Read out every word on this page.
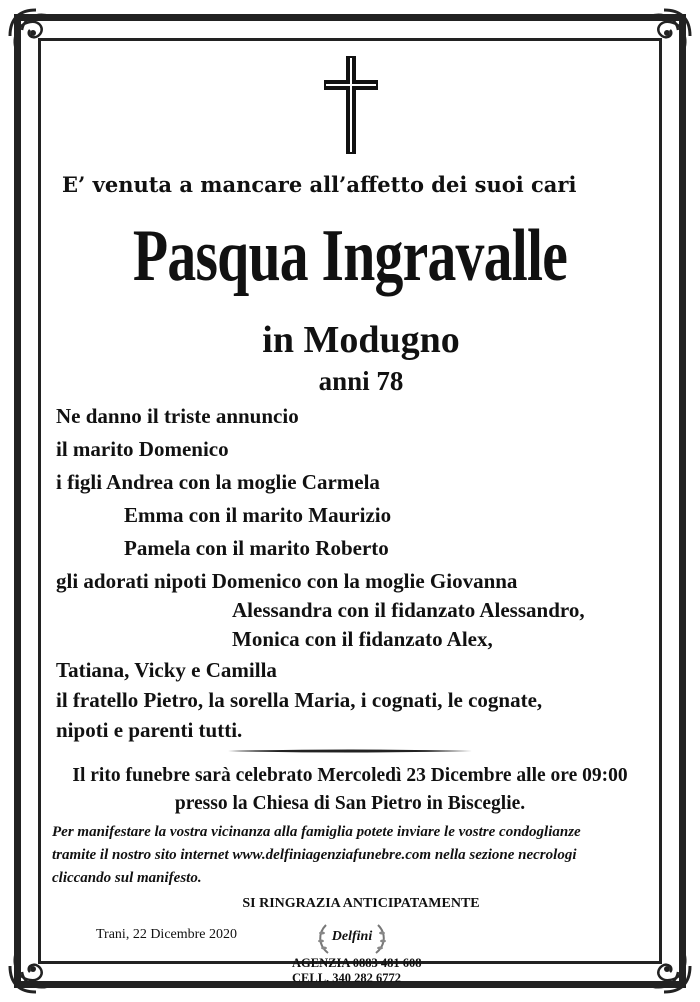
E’ venuta a mancare all’affetto dei suoi cari
Pasqua Ingravalle
in Modugno
anni 78
Ne danno il triste annuncio
il marito Domenico
i figli Andrea con la moglie Carmela
Emma con il marito Maurizio
Pamela con il marito Roberto
gli adorati nipoti Domenico con la moglie Giovanna
Alessandra con il fidanzato Alessandro,
Monica con il fidanzato Alex,
Tatiana, Vicky e Camilla
il fratello Pietro, la sorella Maria, i cognati, le cognate,
nipoti e parenti tutti.
Il rito funebre sarà celebrato Mercoledì 23 Dicembre alle ore 09:00
presso la Chiesa di San Pietro in Bisceglie.
Per manifestare la vostra vicinanza alla famiglia potete inviare le vostre condoglianze
tramite il nostro sito internet www.delfiniagenziafunebre.com nella sezione necrologi
cliccando sul manifesto.
SI RINGRAZIA ANTICIPATAMENTE
Trani, 22 Dicembre 2020	Delfini
AGENZIA 0883 481 608
CELL. 340 282 6772
